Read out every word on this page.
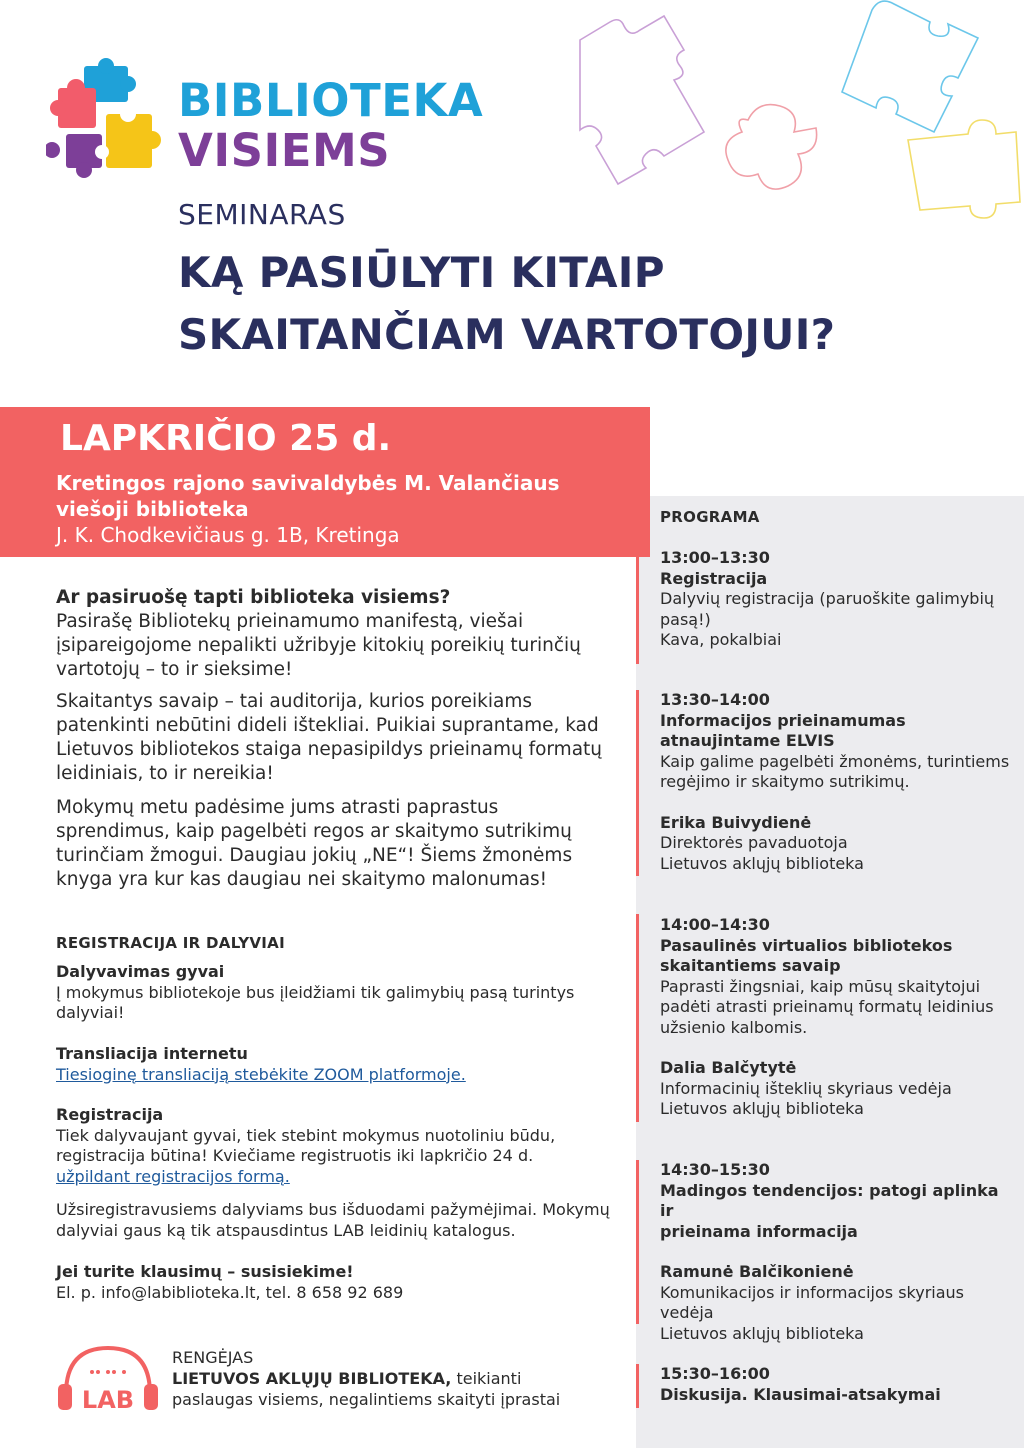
BIBLIOTEKA
VISIEMS
SEMINARAS
KĄ PASIŪLYTI KITAIP
SKAITANČIAM VARTOTOJUI?
LAPKRIČIO 25 d.
Kretingos rajono savivaldybės M. Valančiaus
viešoji biblioteka
J. K. Chodkevičiaus g. 1B, Kretinga
Ar pasiruošę tapti biblioteka visiems?
Pasirašę Bibliotekų prieinamumo manifestą, viešai įsipareigojome nepalikti užribyje kitokių poreikių turinčių vartotojų – to ir sieksime!
Skaitantys savaip – tai auditorija, kurios poreikiams patenkinti nebūtini dideli ištekliai. Puikiai suprantame, kad Lietuvos bibliotekos staiga nepasipildys prieinamų formatų leidiniais, to ir nereikia!
Mokymų metu padėsime jums atrasti paprastus sprendimus, kaip pagelbėti regos ar skaitymo sutrikimų turinčiam žmogui. Daugiau jokių „NE“! Šiems žmonėms knyga yra kur kas daugiau nei skaitymo malonumas!
REGISTRACIJA IR DALYVIAI
Dalyvavimas gyvai
Į mokymus bibliotekoje bus įleidžiami tik galimybių pasą turintys dalyviai!
Transliacija internetu
Tiesioginę transliaciją stebėkite ZOOM platformoje.
Registracija
Tiek dalyvaujant gyvai, tiek stebint mokymus nuotoliniu būdu, registracija būtina! Kviečiame registruotis iki lapkričio 24 d.
užpildant registracijos formą.
Užsiregistravusiems dalyviams bus išduodami pažymėjimai. Mokymų dalyviai gaus ką tik atspausdintus LAB leidinių katalogus.
Jei turite klausimų – susisiekime!
El. p. info@labiblioteka.lt, tel. 8 658 92 689
LAB
RENGĖJAS
LIETUVOS AKLŲJŲ BIBLIOTEKA, teikianti
paslaugas visiems, negalintiems skaityti įprastai
PROGRAMA
13:00–13:30
Registracija
Dalyvių registracija (paruoškite galimybių pasą!)
Kava, pokalbiai
13:30–14:00
Informacijos prieinamumas
atnaujintame ELVIS
Kaip galime pagelbėti žmonėms, turintiems regėjimo ir skaitymo sutrikimų.
Erika Buivydienė
Direktorės pavaduotoja
Lietuvos aklųjų biblioteka
14:00–14:30
Pasaulinės virtualios bibliotekos
skaitantiems savaip
Paprasti žingsniai, kaip mūsų skaitytojui padėti atrasti prieinamų formatų leidinius užsienio kalbomis.
Dalia Balčytytė
Informacinių išteklių skyriaus vedėja
Lietuvos aklųjų biblioteka
14:30–15:30
Madingos tendencijos: patogi aplinka ir
prieinama informacija
Ramunė Balčikonienė
Komunikacijos ir informacijos skyriaus vedėja
Lietuvos aklųjų biblioteka
15:30–16:00
Diskusija. Klausimai-atsakymai
